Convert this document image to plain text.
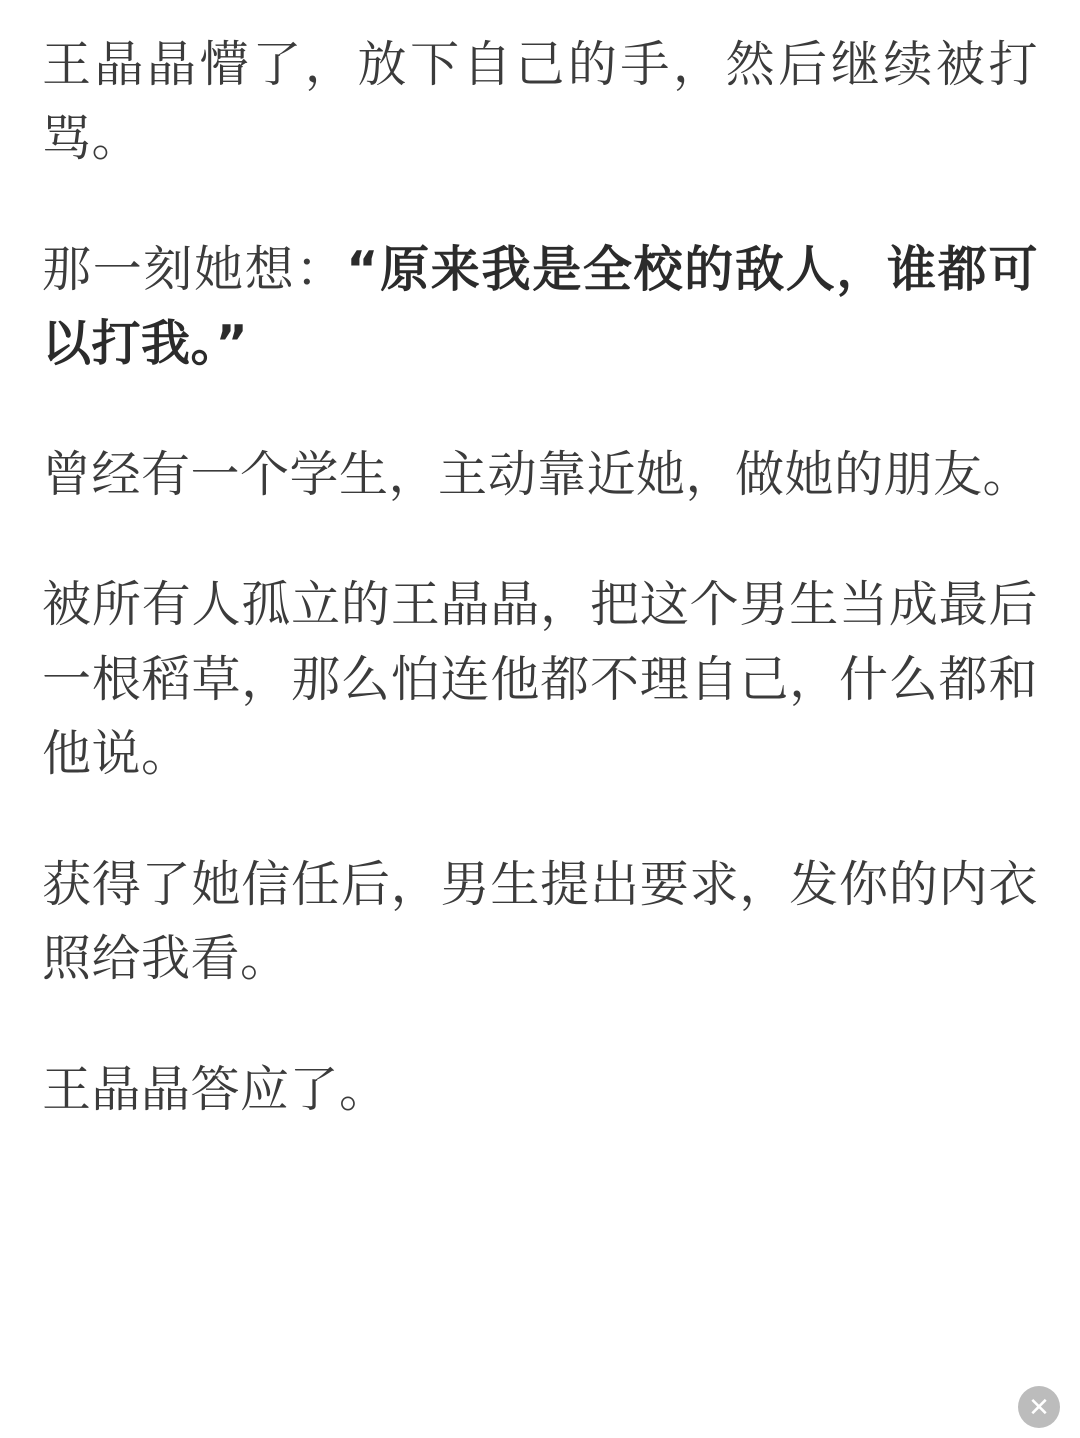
王晶晶懵了，放下自己的手，然后继续被打骂。

那一刻她想：“原来我是全校的敌人，谁都可以打我。”

曾经有一个学生，主动靠近她，做她的朋友。

被所有人孤立的王晶晶，把这个男生当成最后一根稻草，那么怕连他都不理自己，什么都和他说。

获得了她信任后，男生提出要求，发你的内衣照给我看。

王晶晶答应了。

✕
